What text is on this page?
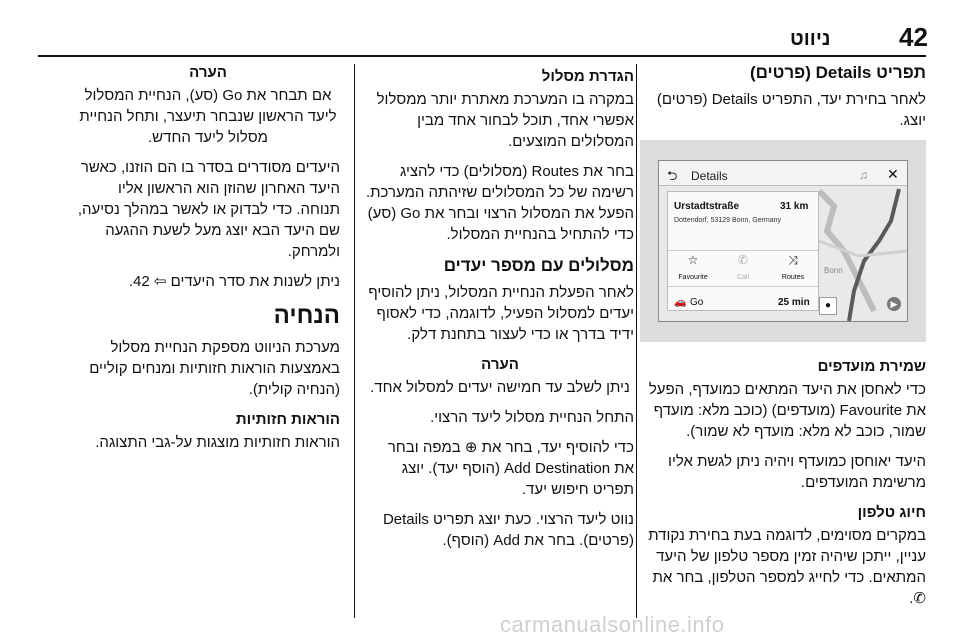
42
ניווט
תפריט Details (פרטים)

לאחר בחירת יעד, התפריט Details (פרטים) יוצג.

Bonn
⮌ Details	♫ ✕
Urstadtstraße	31 km
Dottendorf, 53129 Bonn, Germany
☆
Favourite
✆
Call
⤨
Routes
🚗 Go	25 min	●	▶
שמירת מועדפים

כדי לאחסן את היעד המתאים כמועדף, הפעל את Favourite (מועדפים) (כוכב מלא: מועדף שמור, כוכב לא מלא: מועדף לא שמור).

היעד יאוחסן כמועדף ויהיה ניתן לגשת אליו מרשימת המועדפים.

חיוג טלפון

במקרים מסוימים, לדוגמה בעת בחירת נקודת עניין, ייתכן שיהיה זמין מספר טלפון של היעד המתאים. כדי לחייג למספר הטלפון, בחר את ✆.

הגדרת מסלול

במקרה בו המערכת מאתרת יותר ממסלול אפשרי אחד, תוכל לבחור אחד מבין המסלולים המוצעים.

בחר את Routes (מסלולים) כדי להציג רשימה של כל המסלולים שזיהתה המערכת. הפעל את המסלול הרצוי ובחר את Go (סע) כדי להתחיל בהנחיית המסלול.

מסלולים עם מספר יעדים

לאחר הפעלת הנחיית המסלול, ניתן להוסיף יעדים למסלול הפעיל, לדוגמה, כדי לאסוף ידיד בדרך או כדי לעצור בתחנת דלק.

הערה

ניתן לשלב עד חמישה יעדים למסלול אחד.

התחל הנחיית מסלול ליעד הרצוי.

כדי להוסיף יעד, בחר את ⊕ במפה ובחר את Add Destination (הוסף יעד). יוצג תפריט חיפוש יעד.

נווט ליעד הרצוי. כעת יוצג תפריט Details (פרטים). בחר את Add (הוסף).

הערה

אם תבחר את Go (סע), הנחיית המסלול ליעד הראשון שנבחר תיעצר, ותחל הנחיית מסלול ליעד החדש.

היעדים מסודרים בסדר בו הם הוזנו, כאשר היעד האחרון שהוזן הוא הראשון אליו תנוחה. כדי לבדוק או לאשר במהלך נסיעה, שם היעד הבא יוצג מעל לשעת ההגעה ולמרחק.

ניתן לשנות את סדר היעדים ⇦ 42.

הנחיה

מערכת הניווט מספקת הנחיית מסלול באמצעות הוראות חזותיות ומנחים קוליים (הנחיה קולית).

הוראות חזותיות

הוראות חזותיות מוצגות על-גבי התצוגה.

carmanualsonline.info
